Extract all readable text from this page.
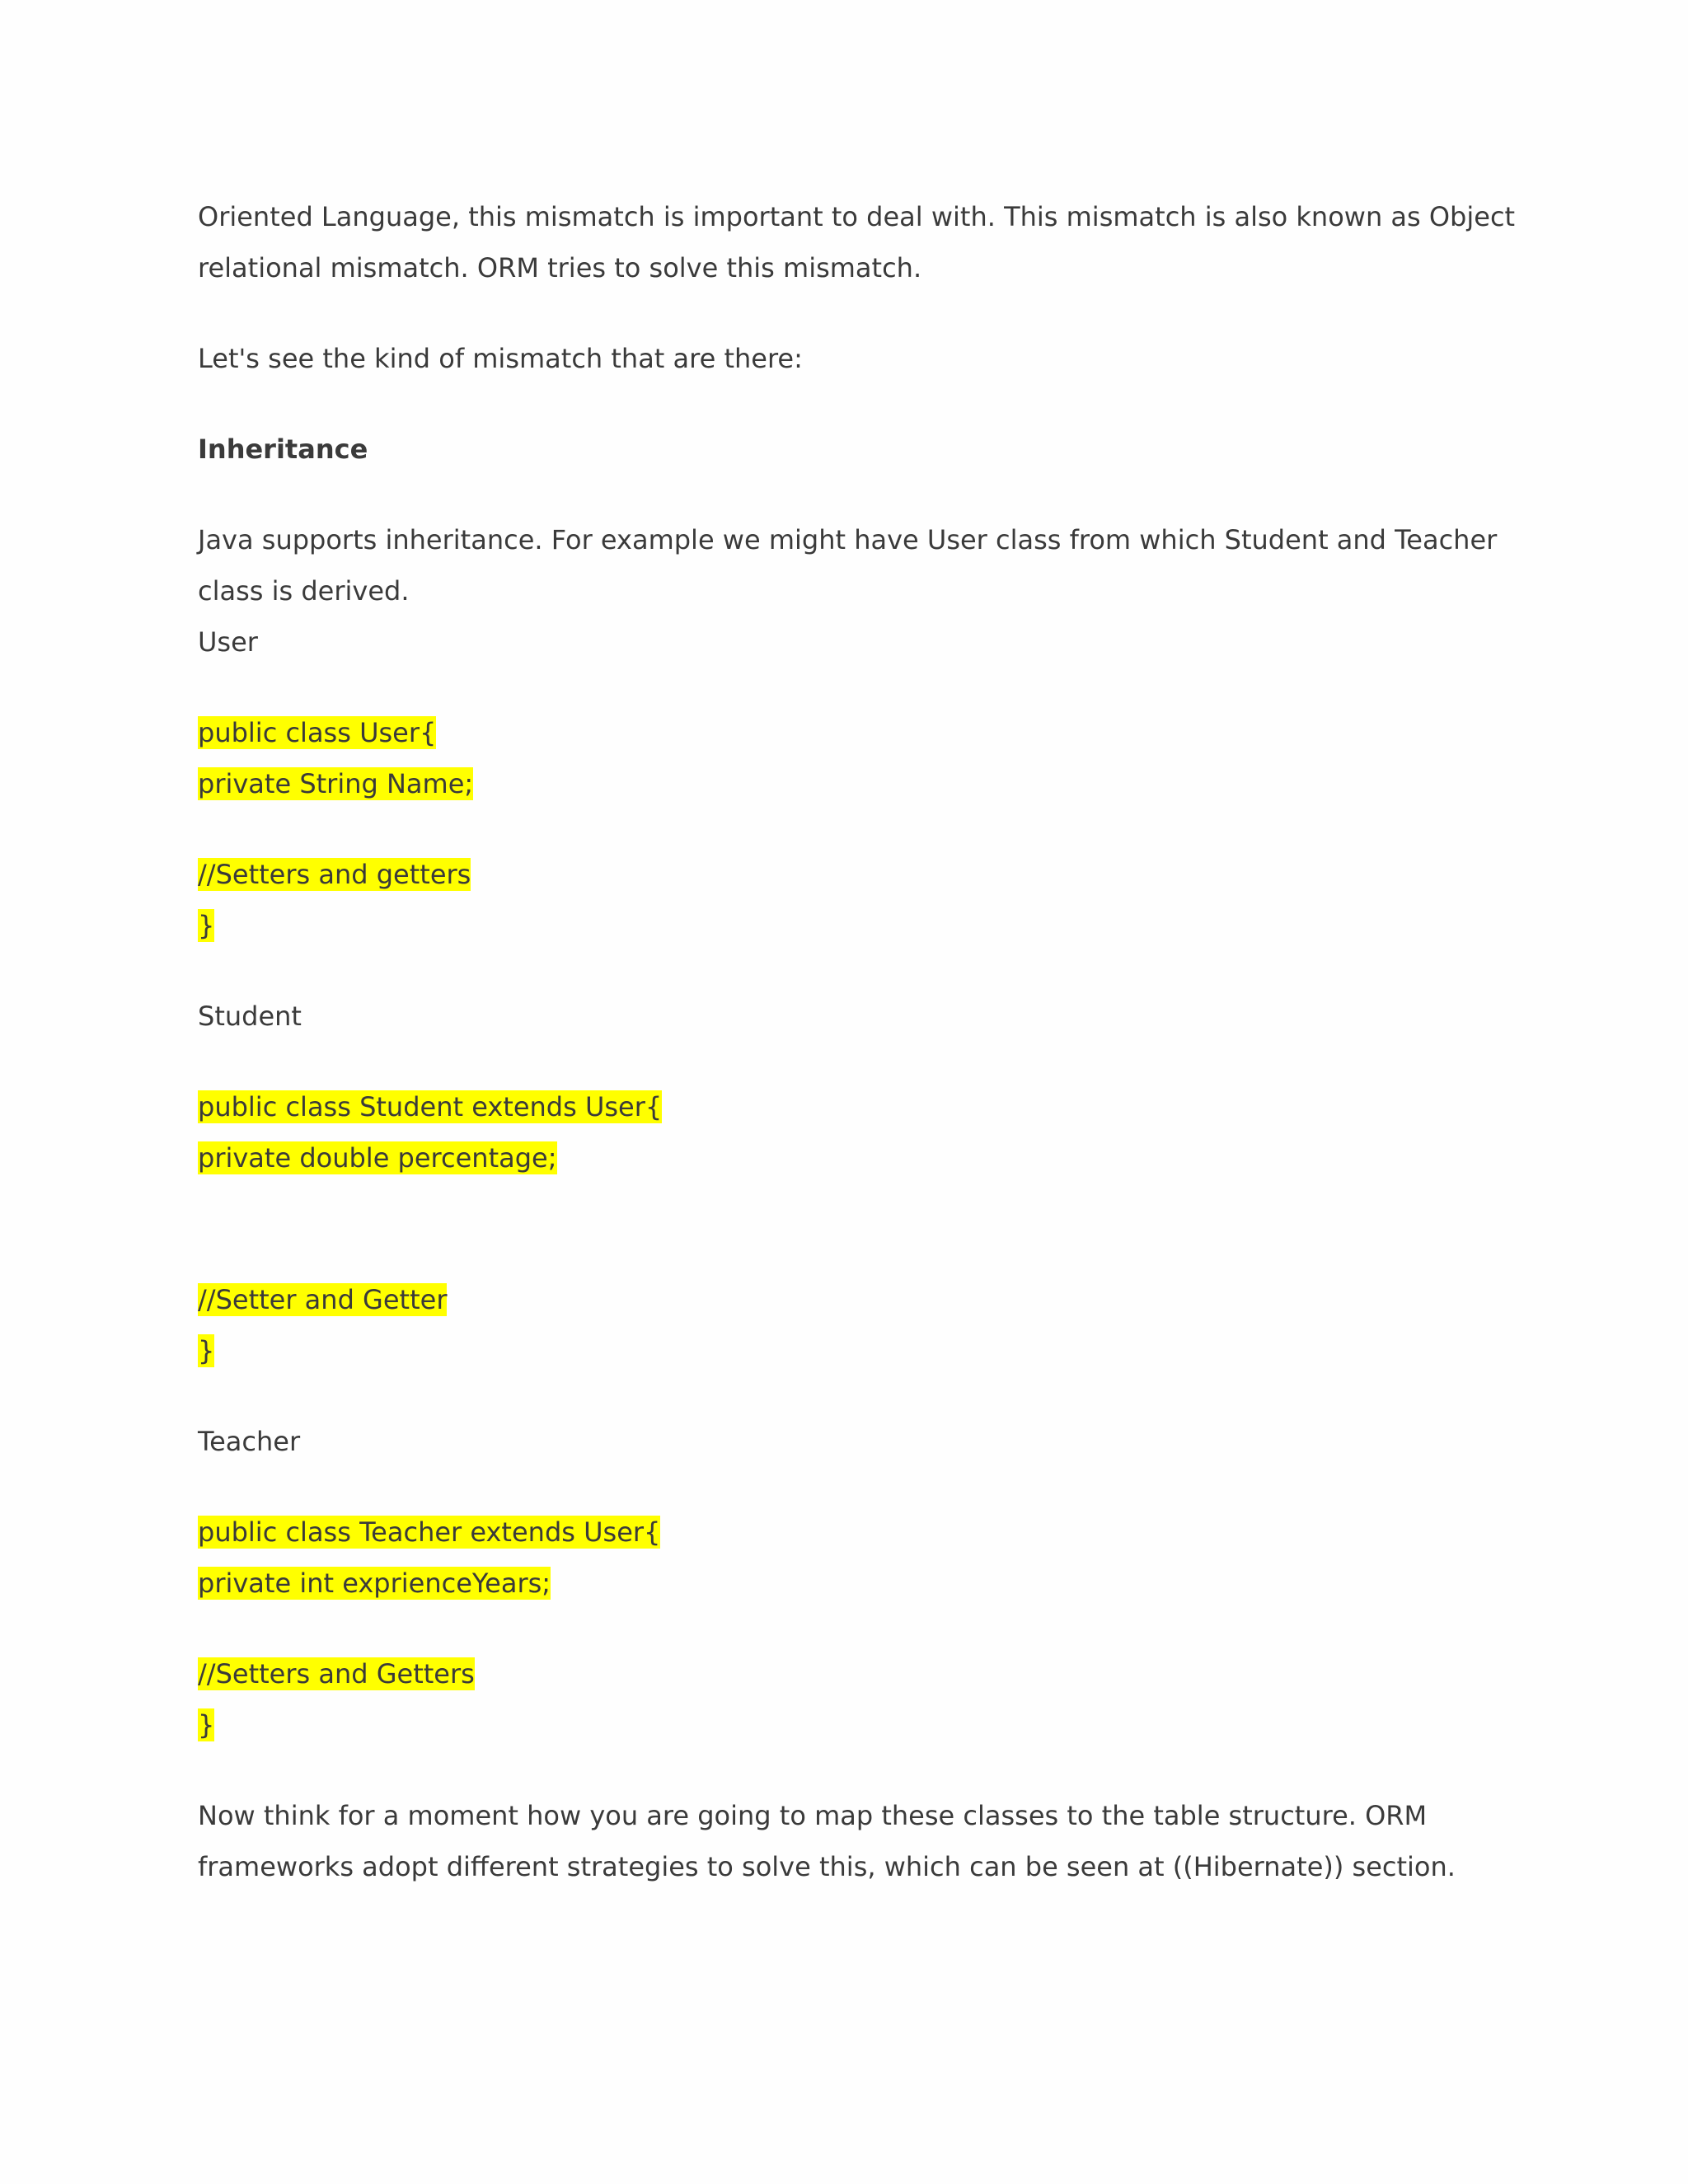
Oriented Language, this mismatch is important to deal with. This mismatch is also known as Object
relational mismatch. ORM tries to solve this mismatch.
Let's see the kind of mismatch that are there:
Inheritance
Java supports inheritance. For example we might have User class from which Student and Teacher
class is derived.
User
public class User{
private String Name;
//Setters and getters
}
Student
public class Student extends User{
private double percentage;
//Setter and Getter
}
Teacher
public class Teacher extends User{
private int exprienceYears;
//Setters and Getters
}
Now think for a moment how you are going to map these classes to the table structure. ORM
frameworks adopt different strategies to solve this, which can be seen at ((Hibernate)) section.
